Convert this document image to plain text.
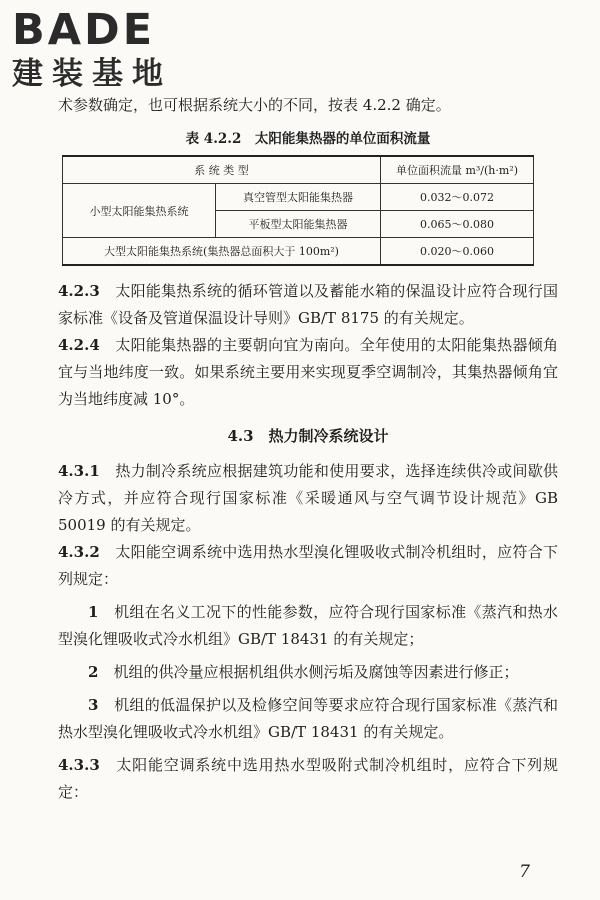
BADE
建装基地

术参数确定，也可根据系统大小的不同，按表 4.2.2 确定。

表 4.2.2　太阳能集热器的单位面积流量
系 统 类 型		单位面积流量 m³/(h·m²)
小型太阳能集热系统	真空管型太阳能集热器	0.032～0.072
	平板型太阳能集热器	0.065～0.080
大型太阳能集热系统(集热器总面积大于 100m²)		0.020～0.060

4.2.3　 太阳能集热系统的循环管道以及蓄能水箱的保温设计应符合现行国家标准《设备及管道保温设计导则》GB/T 8175 的有关规定。

4.2.4　 太阳能集热器的主要朝向宜为南向。全年使用的太阳能集热器倾角宜与当地纬度一致。如果系统主要用来实现夏季空调制冷，其集热器倾角宜为当地纬度减 10°。

4.3　热力制冷系统设计

4.3.1　 热力制冷系统应根据建筑功能和使用要求，选择连续供冷或间歇供冷方式，并应符合现行国家标准《采暖通风与空气调节设计规范》GB 50019 的有关规定。

4.3.2　 太阳能空调系统中选用热水型溴化锂吸收式制冷机组时，应符合下列规定：

1　 机组在名义工况下的性能参数，应符合现行国家标准《蒸汽和热水型溴化锂吸收式冷水机组》GB/T 18431 的有关规定；

2　 机组的供冷量应根据机组供水侧污垢及腐蚀等因素进行修正；

3　 机组的低温保护以及检修空间等要求应符合现行国家标准《蒸汽和热水型溴化锂吸收式冷水机组》GB/T 18431 的有关规定。

4.3.3　 太阳能空调系统中选用热水型吸附式制冷机组时，应符合下列规定：

7
